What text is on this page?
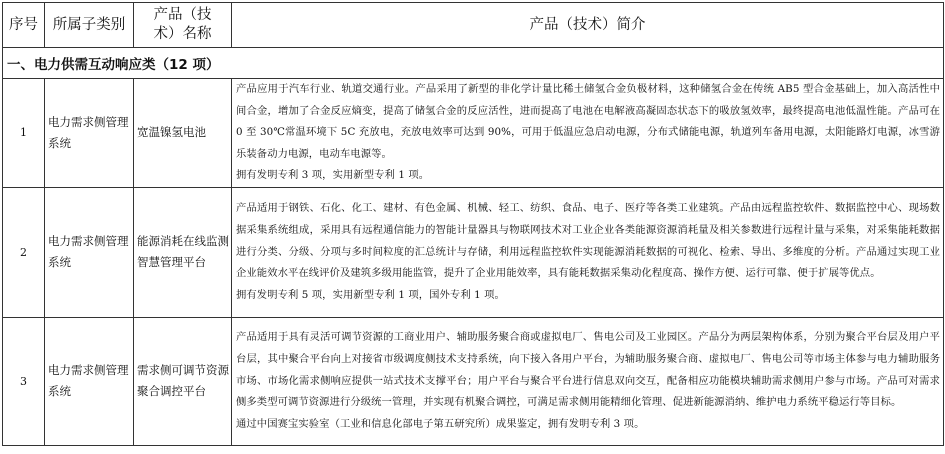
序号	所属子类别	产品（技术）名称	产品（技术）简介
一、电力供需互动响应类（12 项）			
1	电力需求侧管理系统	宽温镍氢电池	产品应用于汽车行业、轨道交通行业。产品采用了新型的非化学计量比稀土储氢合金负极材料，这种储氢合金在传统 AB5 型合金基础上，加入高活性中间合金，增加了合金反应熵变，提高了储氢合金的反应活性，进而提高了电池在电解液高凝固态状态下的吸放氢效率，最终提高电池低温性能。产品可在 0 至 30℃常温环境下 5C 充放电，充放电效率可达到 90%，可用于低温应急启动电源，分布式储能电源，轨道列车备用电源，太阳能路灯电源，冰雪游乐装备动力电源，电动车电源等。

拥有发明专利 3 项，实用新型专利 1 项。

2	电力需求侧管理系统	能源消耗在线监测智慧管理平台	产品适用于钢铁、石化、化工、建材、有色金属、机械、轻工、纺织、食品、电子、医疗等各类工业建筑。产品由远程监控软件、数据监控中心、现场数据采集系统组成，采用具有远程通信能力的智能计量器具与物联网技术对工业企业各类能源资源消耗量及相关参数进行远程计量与采集，对采集能耗数据进行分类、分级、分项与多时间粒度的汇总统计与存储，利用远程监控软件实现能源消耗数据的可视化、检索、导出、多维度的分析。产品通过实现工业企业能效水平在线评价及建筑多级用能监管，提升了企业用能效率，具有能耗数据采集动化程度高、操作方便、运行可靠、便于扩展等优点。

拥有发明专利 5 项，实用新型专利 1 项，国外专利 1 项。

3	电力需求侧管理系统	需求侧可调节资源聚合调控平台	产品适用于具有灵活可调节资源的工商业用户、辅助服务聚合商或虚拟电厂、售电公司及工业园区。产品分为两层架构体系，分别为聚合平台层及用户平台层，其中聚合平台向上对接省市级调度侧技术支持系统，向下接入各用户平台，为辅助服务聚合商、虚拟电厂、售电公司等市场主体参与电力辅助服务市场、市场化需求侧响应提供一站式技术支撑平台；用户平台与聚合平台进行信息双向交互，配备相应功能模块辅助需求侧用户参与市场。产品可对需求侧多类型可调节资源进行分级统一管理，并实现有机聚合调控，可满足需求侧用能精细化管理、促进新能源消纳、维护电力系统平稳运行等目标。

通过中国赛宝实验室（工业和信息化部电子第五研究所）成果鉴定，拥有发明专利 3 项。
